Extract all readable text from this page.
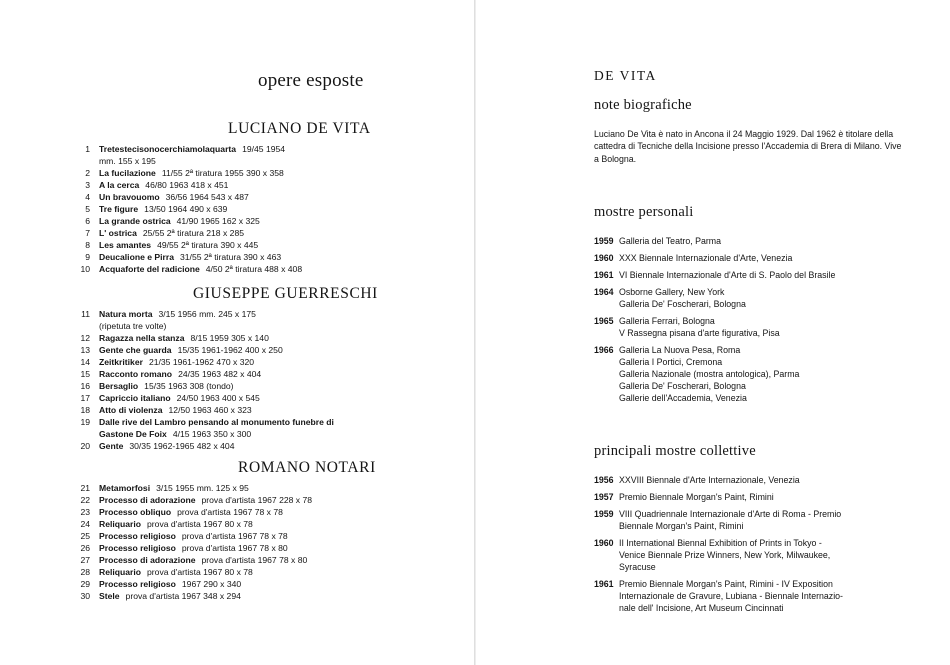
opere esposte
LUCIANO DE VITA
1 Tretestecisonocerchiamolaquarta 19/45 1954
mm. 155 x 195
2 La fucilazione 11/55 2ª tiratura 1955 390 x 358
3 A la cerca 46/80 1963 418 x 451
4 Un bravouomo 36/56 1964 543 x 487
5 Tre figure 13/50 1964 490 x 639
6 La grande ostrica 41/90 1965 162 x 325
7 L' ostrica 25/55 2ª tiratura 218 x 285
8 Les amantes 49/55 2ª tiratura 390 x 445
9 Deucalione e Pirra 31/55 2ª tiratura 390 x 463
10 Acquaforte del radicione 4/50 2ª tiratura 488 x 408
GIUSEPPE GUERRESCHI
11 Natura morta 3/15 1956 mm. 245 x 175
(ripetuta tre volte)
12 Ragazza nella stanza 8/15 1959 305 x 140
13 Gente che guarda 15/35 1961-1962 400 x 250
14 Zeitkritiker 21/35 1961-1962 470 x 320
15 Racconto romano 24/35 1963 482 x 404
16 Bersaglio 15/35 1963 308 (tondo)
17 Capriccio italiano 24/50 1963 400 x 545
18 Atto di violenza 12/50 1963 460 x 323
19 Dalle rive del Lambro pensando al monumento funebre di
Gastone De Foix 4/15 1963 350 x 300
20 Gente 30/35 1962-1965 482 x 404
ROMANO NOTARI
21 Metamorfosi 3/15 1955 mm. 125 x 95
22 Processo di adorazione prova d'artista 1967 228 x 78
23 Processo obliquo prova d'artista 1967 78 x 78
24 Reliquario prova d'artista 1967 80 x 78
25 Processo religioso prova d'artista 1967 78 x 78
26 Processo religioso prova d'artista 1967 78 x 80
27 Processo di adorazione prova d'artista 1967 78 x 80
28 Reliquario prova d'artista 1967 80 x 78
29 Processo religioso 1967 290 x 340
30 Stele prova d'artista 1967 348 x 294
DE VITA
note biografiche

Luciano De Vita è nato in Ancona il 24 Maggio 1929. Dal 1962 è titolare della cattedra di Tecniche della Incisione presso l'Accademia di Brera di Milano. Vive a Bologna.

mostre personali
1959 Galleria del Teatro, Parma
1960 XXX Biennale Internazionale d'Arte, Venezia
1961 VI Biennale Internazionale d'Arte di S. Paolo del Brasile
1964 Osborne Gallery, New York
Galleria De' Foscherari, Bologna
1965 Galleria Ferrari, Bologna
V Rassegna pisana d'arte figurativa, Pisa
1966 Galleria La Nuova Pesa, Roma
Galleria I Portici, Cremona
Galleria Nazionale (mostra antologica), Parma
Galleria De' Foscherari, Bologna
Gallerie dell'Accademia, Venezia
principali mostre collettive
1956 XXVIII Biennale d'Arte Internazionale, Venezia
1957 Premio Biennale Morgan's Paint, Rimini
1959 VIII Quadriennale Internazionale d'Arte di Roma - Premio
Biennale Morgan's Paint, Rimini
1960 II International Biennal Exhibition of Prints in Tokyo -
Venice Biennale Prize Winners, New York, Milwaukee,
Syracuse
1961 Premio Biennale Morgan's Paint, Rimini - IV Exposition
Internazionale de Gravure, Lubiana - Biennale Internazio-
nale dell' Incisione, Art Museum Cincinnati
